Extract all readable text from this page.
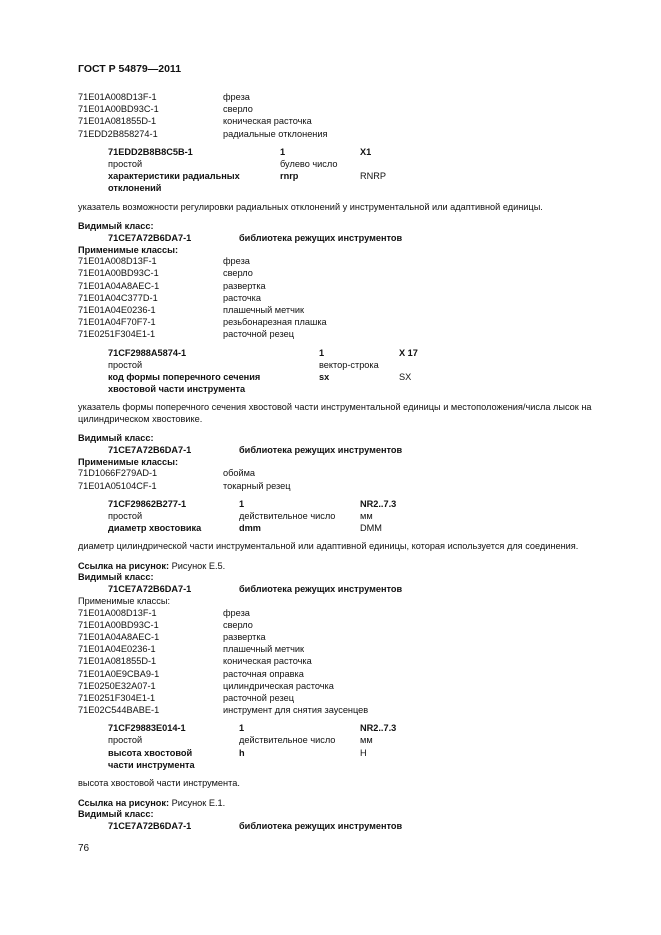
ГОСТ Р 54879—2011
71E01A008D13F-1	фреза
71E01A00BD93C-1	сверло
71E01A081855D-1	коническая расточка
71EDD2B858274-1	радиальные отклонения
71EDD2B8B8C5B-1	1	X1
простой	булево число
характеристики радиальных	rnrp	RNRP
отклонений
указатель возможности регулировки радиальных отклонений у инструментальной или адаптивной единицы.
Видимый класс:
71CE7A72B6DA7-1	библиотека режущих инструментов
Применимые классы:
71E01A008D13F-1	фреза
71E01A00BD93C-1	сверло
71E01A04A8AEC-1	развертка
71E01A04C377D-1	расточка
71E01A04E0236-1	плашечный метчик
71E01A04F70F7-1	резьбонарезная плашка
71E0251F304E1-1	расточной резец
71CF2988A5874-1	1	X 17
простой	вектор-строка
код формы поперечного сечения	sx	SX
хвостовой части инструмента
указатель формы поперечного сечения хвостовой части инструментальной единицы и местоположения/числа лысок на цилиндрическом хвостовике.
Видимый класс:
71CE7A72B6DA7-1	библиотека режущих инструментов
Применимые классы:
71D1066F279AD-1	обойма
71E01A05104CF-1	токарный резец
71CF29862B277-1	1	NR2..7.3
простой	действительное число	мм
диаметр хвостовика	dmm	DMM
диаметр цилиндрической части инструментальной или адаптивной единицы, которая используется для соединения.
Ссылка на рисунок: Рисунок Е.5.
Видимый класс:
71CE7A72B6DA7-1	библиотека режущих инструментов
Применимые классы:
71E01A008D13F-1	фреза
71E01A00BD93C-1	сверло
71E01A04A8AEC-1	развертка
71E01A04E0236-1	плашечный метчик
71E01A081855D-1	коническая расточка
71E01A0E9CBA9-1	расточная оправка
71E0250E32A07-1	цилиндрическая расточка
71E0251F304E1-1	расточной резец
71E02C544BABE-1	инструмент для снятия заусенцев
71CF29883E014-1	1	NR2..7.3
простой	действительное число	мм
высота хвостовой	h	H
части инструмента
высота хвостовой части инструмента.
Ссылка на рисунок: Рисунок Е.1.
Видимый класс:
71CE7A72B6DA7-1	библиотека режущих инструментов
76
